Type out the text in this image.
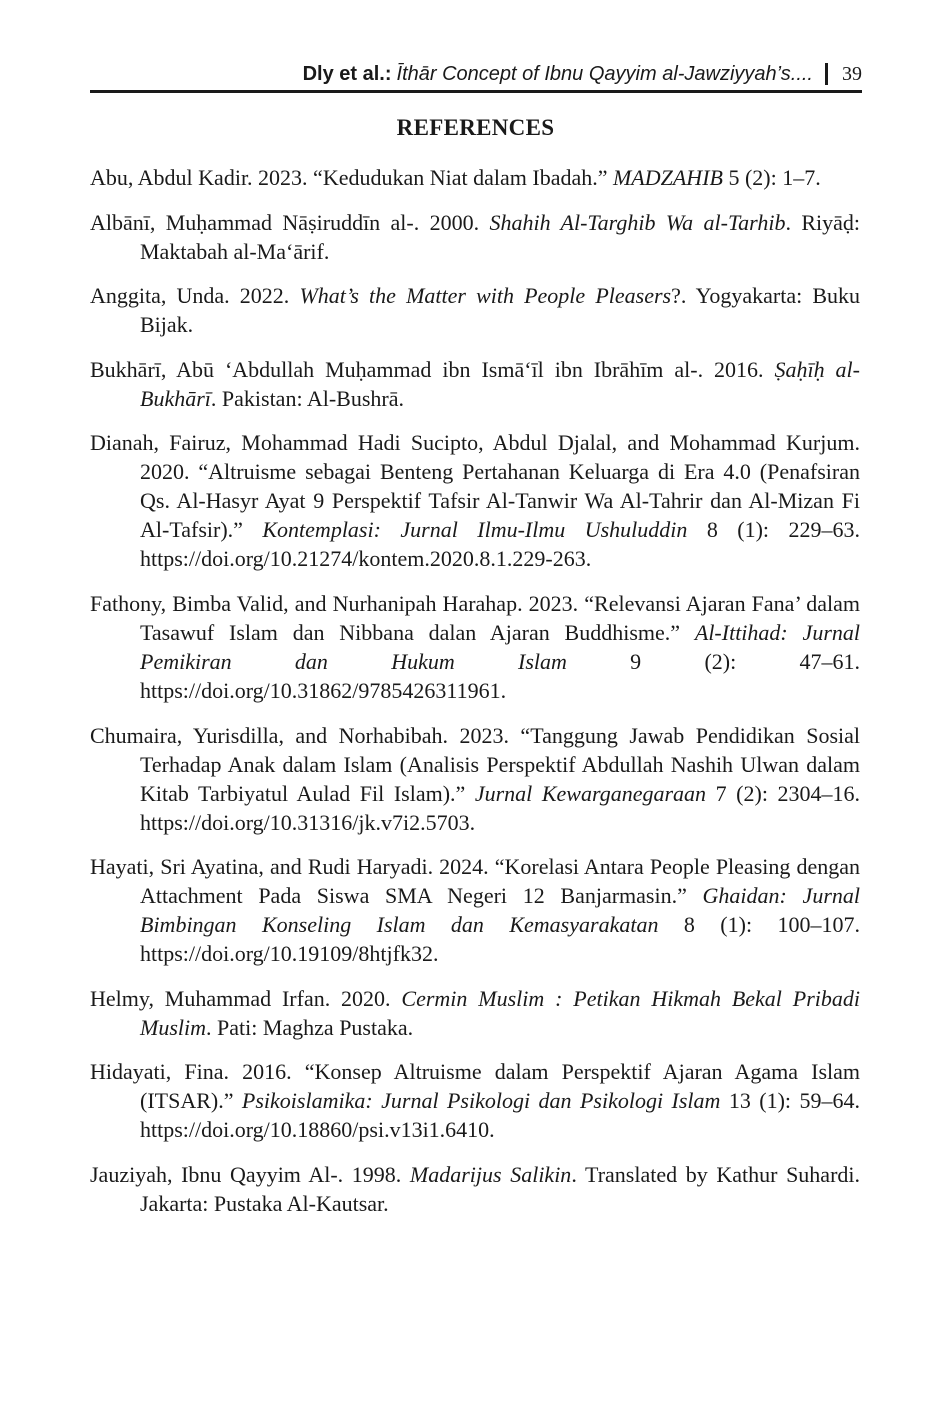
Dly et al.: Īthār Concept of Ibnu Qayyim al-Jawziyyah’s.... 39
REFERENCES
Abu, Abdul Kadir. 2023. “Kedudukan Niat dalam Ibadah.” MADZAHIB 5 (2): 1–7.
Albānī, Muḥammad Nāṣiruddīn al-. 2000. Shahih Al-Targhib Wa al-Tarhib. Riyāḍ: Maktabah al-Maʻārif.
Anggita, Unda. 2022. What’s the Matter with People Pleasers?. Yogyakarta: Buku Bijak.
Bukhārī, Abū ʻAbdullah Muḥammad ibn Ismāʻīl ibn Ibrāhīm al-. 2016. Ṣaḥīḥ al-Bukhārī. Pakistan: Al-Bushrā.
Dianah, Fairuz, Mohammad Hadi Sucipto, Abdul Djalal, and Mohammad Kurjum. 2020. “Altruisme sebagai Benteng Pertahanan Keluarga di Era 4.0 (Penafsiran Qs. Al-Hasyr Ayat 9 Perspektif Tafsir Al-Tanwir Wa Al-Tahrir dan Al-Mizan Fi Al-Tafsir).” Kontemplasi: Jurnal Ilmu-Ilmu Ushuluddin 8 (1): 229–63. https://doi.org/10.21274/kontem.2020.8.1.229-263.
Fathony, Bimba Valid, and Nurhanipah Harahap. 2023. “Relevansi Ajaran Fana’ dalam Tasawuf Islam dan Nibbana dalan Ajaran Buddhisme.” Al-Ittihad: Jurnal Pemikiran dan Hukum Islam 9 (2): 47–61. https://doi.org/10.31862/9785426311961.
Chumaira, Yurisdilla, and Norhabibah. 2023. “Tanggung Jawab Pendidikan Sosial Terhadap Anak dalam Islam (Analisis Perspektif Abdullah Nashih Ulwan dalam Kitab Tarbiyatul Aulad Fil Islam).” Jurnal Kewarganegaraan 7 (2): 2304–16. https://doi.org/10.31316/jk.v7i2.5703.
Hayati, Sri Ayatina, and Rudi Haryadi. 2024. “Korelasi Antara People Pleasing dengan Attachment Pada Siswa SMA Negeri 12 Banjarmasin.” Ghaidan: Jurnal Bimbingan Konseling Islam dan Kemasyarakatan 8 (1): 100–107. https://doi.org/10.19109/8htjfk32.
Helmy, Muhammad Irfan. 2020. Cermin Muslim : Petikan Hikmah Bekal Pribadi Muslim. Pati: Maghza Pustaka.
Hidayati, Fina. 2016. “Konsep Altruisme dalam Perspektif Ajaran Agama Islam (ITSAR).” Psikoislamika: Jurnal Psikologi dan Psikologi Islam 13 (1): 59–64. https://doi.org/10.18860/psi.v13i1.6410.
Jauziyah, Ibnu Qayyim Al-. 1998. Madarijus Salikin. Translated by Kathur Suhardi. Jakarta: Pustaka Al-Kautsar.
